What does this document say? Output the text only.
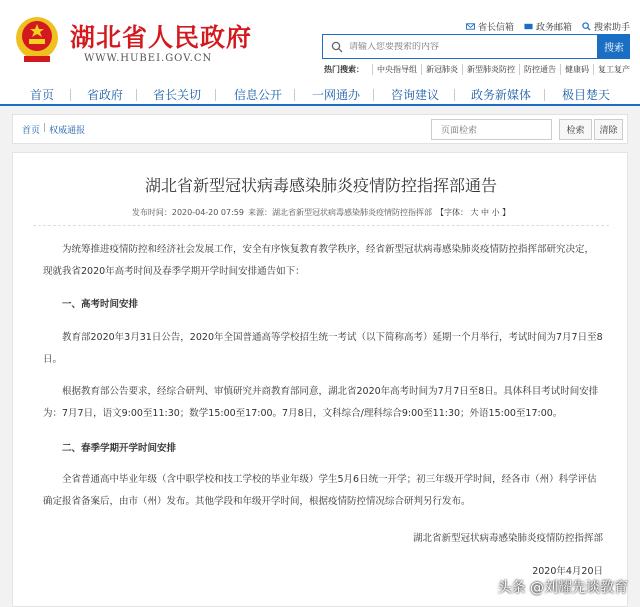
湖北省人民政府
WWW.HUBEI.GOV.CN
省长信箱 政务邮箱 搜索助手
请输入您要搜索的内容
搜索
热门搜索：	中央指导组	新冠肺炎	新型肺炎防控	防控通告	健康码	复工复产
首页	省政府 省长关切	信息公开 一网通办	咨询建议	政务新媒体	极目楚天
首页 | 权威通报
页面检索	检索	清除
湖北省新型冠状病毒感染肺炎疫情防控指挥部通告
发布时间：2020-04-20 07:59 来源：湖北省新型冠状病毒感染肺炎疫情防控指挥部 【字体： 大 中 小 】
为统筹推进疫情防控和经济社会发展工作，安全有序恢复教育教学秩序，经省新型冠状病毒感染肺炎疫情防控指挥部研究决定，现就我省2020年高考时间及春季学期开学时间安排通告如下：
一、高考时间安排
教育部2020年3月31日公告，2020年全国普通高等学校招生统一考试（以下简称高考）延期一个月举行，考试时间为7月7日至8日。
根据教育部公告要求，经综合研判、审慎研究并商教育部同意，湖北省2020年高考时间为7月7日至8日。具体科目考试时间安排为：7月7日，语文9:00至11:30；数学15:00至17:00。7月8日，文科综合/理科综合9:00至11:30；外语15:00至17:00。
二、春季学期开学时间安排
全省普通高中毕业年级（含中职学校和技工学校的毕业年级）学生5月6日统一开学；初三年级开学时间，经各市（州）科学评估确定报省备案后，由市（州）发布。其他学段和年级开学时间，根据疫情防控情况综合研判另行发布。
湖北省新型冠状病毒感染肺炎疫情防控指挥部
2020年4月20日
头条 @刘耀先谈教育
